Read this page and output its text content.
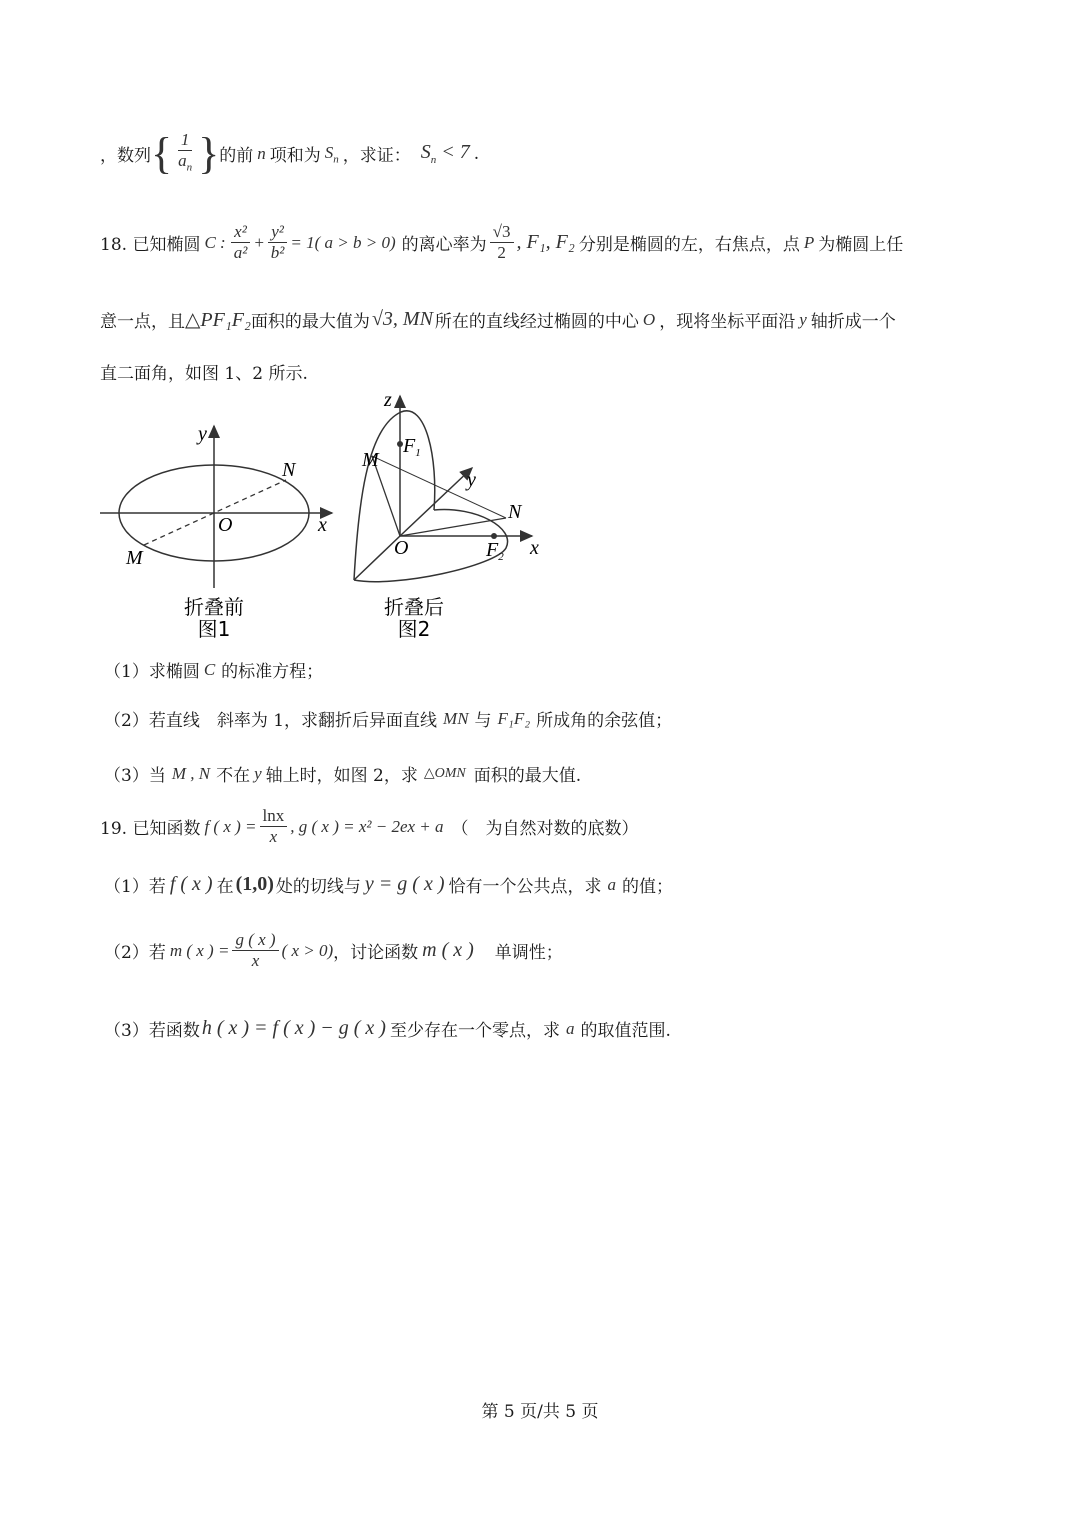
，数列 { $\frac{1}{a_n}$ } 的前 n 项和为 $S_n$ ，求证： $S_n < 7$ .
18. 已知椭圆 C : $\frac{\text{x²}}{\text{a²}} + \frac{\text{y²}}{\text{b²}} = 1$( a > b > 0) 的离心率为 $\frac{√3}{2}$ , F₁, F₂ 分别是椭圆的左，右焦点，点 P 为椭圆上任
意一点，且 △PF₁F₂ 面积的最大值为 √3, MN 所在的直线经过椭圆的中心 O ，现将坐标平面沿 y 轴折成一个
直二面角，如图 1、2 所示.
y
x
O
N
M
折叠前
图1
z
M
$F_1$
y
N
O	$F_2$ x
折叠后
图2
（1）求椭圆 C 的标准方程；
（2）若直线　斜率为 1，求翻折后异面直线 MN 与 F₁F₂ 所成角的余弦值；
（3）当 M , N 不在 y 轴上时，如图 2，求 △OMN 面积的最大值.
19. 已知函数 f ( x ) = $\frac{\ln x}{x}$ , g ( x ) = x² − 2ex + a （　为自然对数的底数）
（1）若 f ( x ) 在 (1,0) 处的切线与 y = g ( x ) 恰有一个公共点，求 a 的值；
（2）若 m ( x ) = $\frac{g ( x )}{x}$ ( x > 0) ，讨论函数 m ( x ) 　单调性；
（3）若函数 h ( x ) = f ( x ) − g ( x ) 至少存在一个零点，求 a 的取值范围.
第 5 页/共 5 页
